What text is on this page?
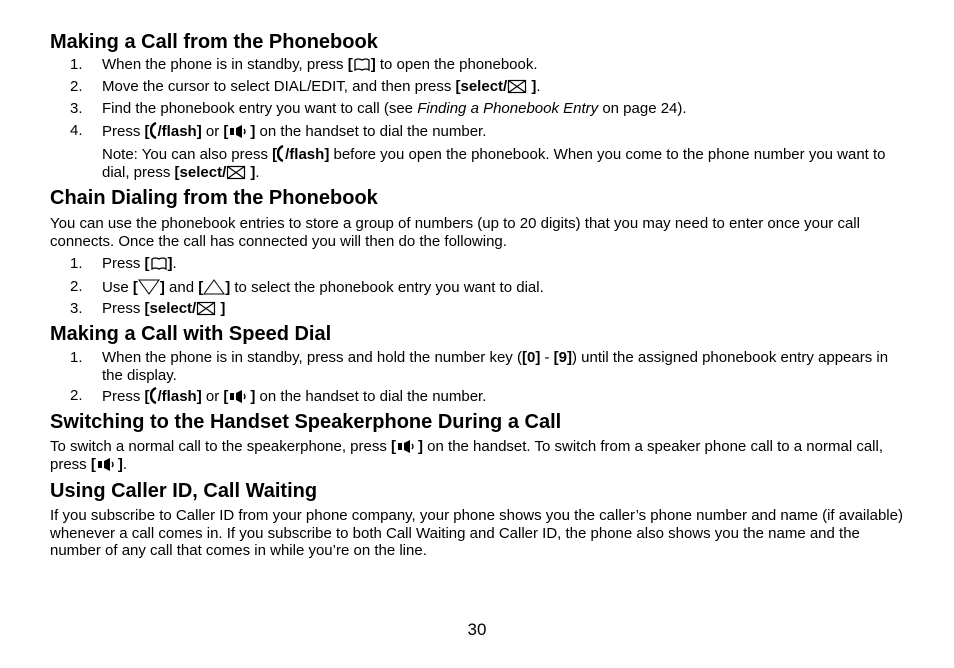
Making a Call from the Phonebook
1. When the phone is in standby, press [ ] to open the phonebook.
2. Move the cursor to select DIAL/EDIT, and then press [select/ ].
3. Find the phonebook entry you want to call (see Finding a Phonebook Entry on page 24).
4. Press [ /flash] or [ ] on the handset to dial the number.
Note: You can also press [ /flash] before you open the phonebook. When you come to the phone number you want to dial, press [select/ ].
Chain Dialing from the Phonebook

You can use the phonebook entries to store a group of numbers (up to 20 digits) that you may need to enter once your call connects. Once the call has connected you will then do the following.

1. Press [ ].
2. Use [ ] and [ ] to select the phonebook entry you want to dial.
3. Press [select/ ]
Making a Call with Speed Dial
1. When the phone is in standby, press and hold the number key ([0] - [9]) until the assigned phonebook entry appears in the display.
2. Press [ /flash] or [ ] on the handset to dial the number.
Switching to the Handset Speakerphone During a Call

To switch a normal call to the speakerphone, press [ ] on the handset. To switch from a speaker phone call to a normal call, press [ ].

Using Caller ID, Call Waiting

If you subscribe to Caller ID from your phone company, your phone shows you the caller’s phone number and name (if available) whenever a call comes in. If you subscribe to both Call Waiting and Caller ID, the phone also shows you the name and the number of any call that comes in while you’re on the line.

30
